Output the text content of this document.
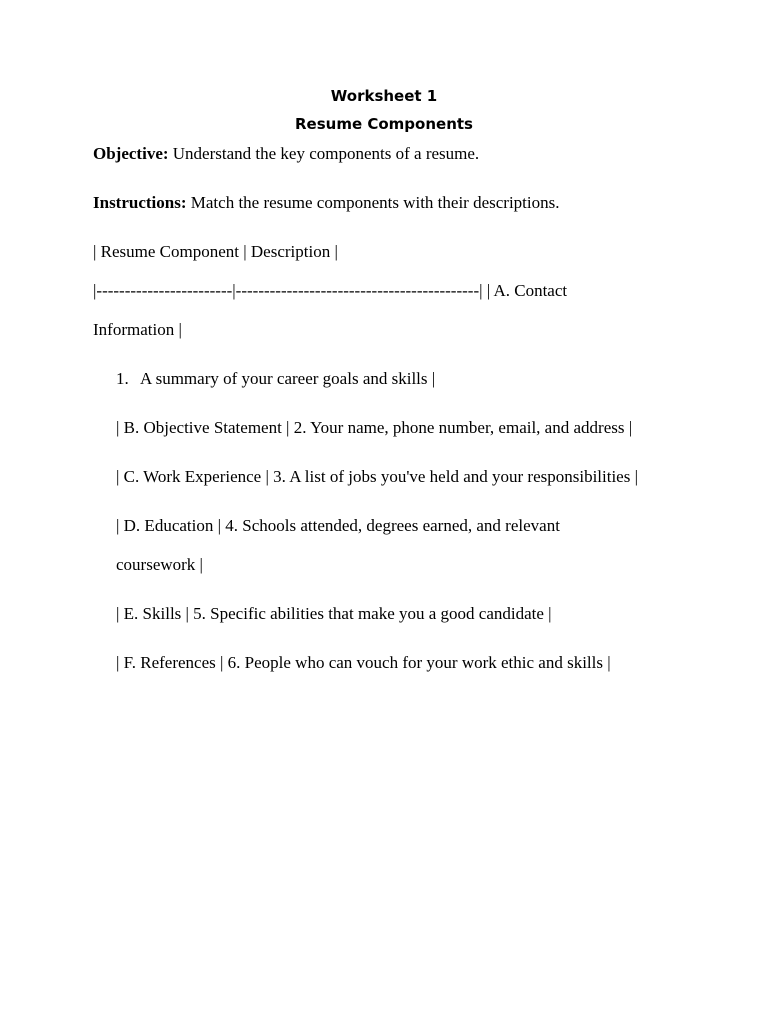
Worksheet 1
Resume Components
Objective: Understand the key components of a resume.
Instructions: Match the resume components with their descriptions.
| Resume Component | Description |
|------------------------|-------------------------------------------| | A. Contact
Information |
1. A summary of your career goals and skills |
| B. Objective Statement | 2. Your name, phone number, email, and address |
| C. Work Experience | 3. A list of jobs you've held and your responsibilities |
| D. Education | 4. Schools attended, degrees earned, and relevant
coursework |
| E. Skills | 5. Specific abilities that make you a good candidate |
| F. References | 6. People who can vouch for your work ethic and skills |
